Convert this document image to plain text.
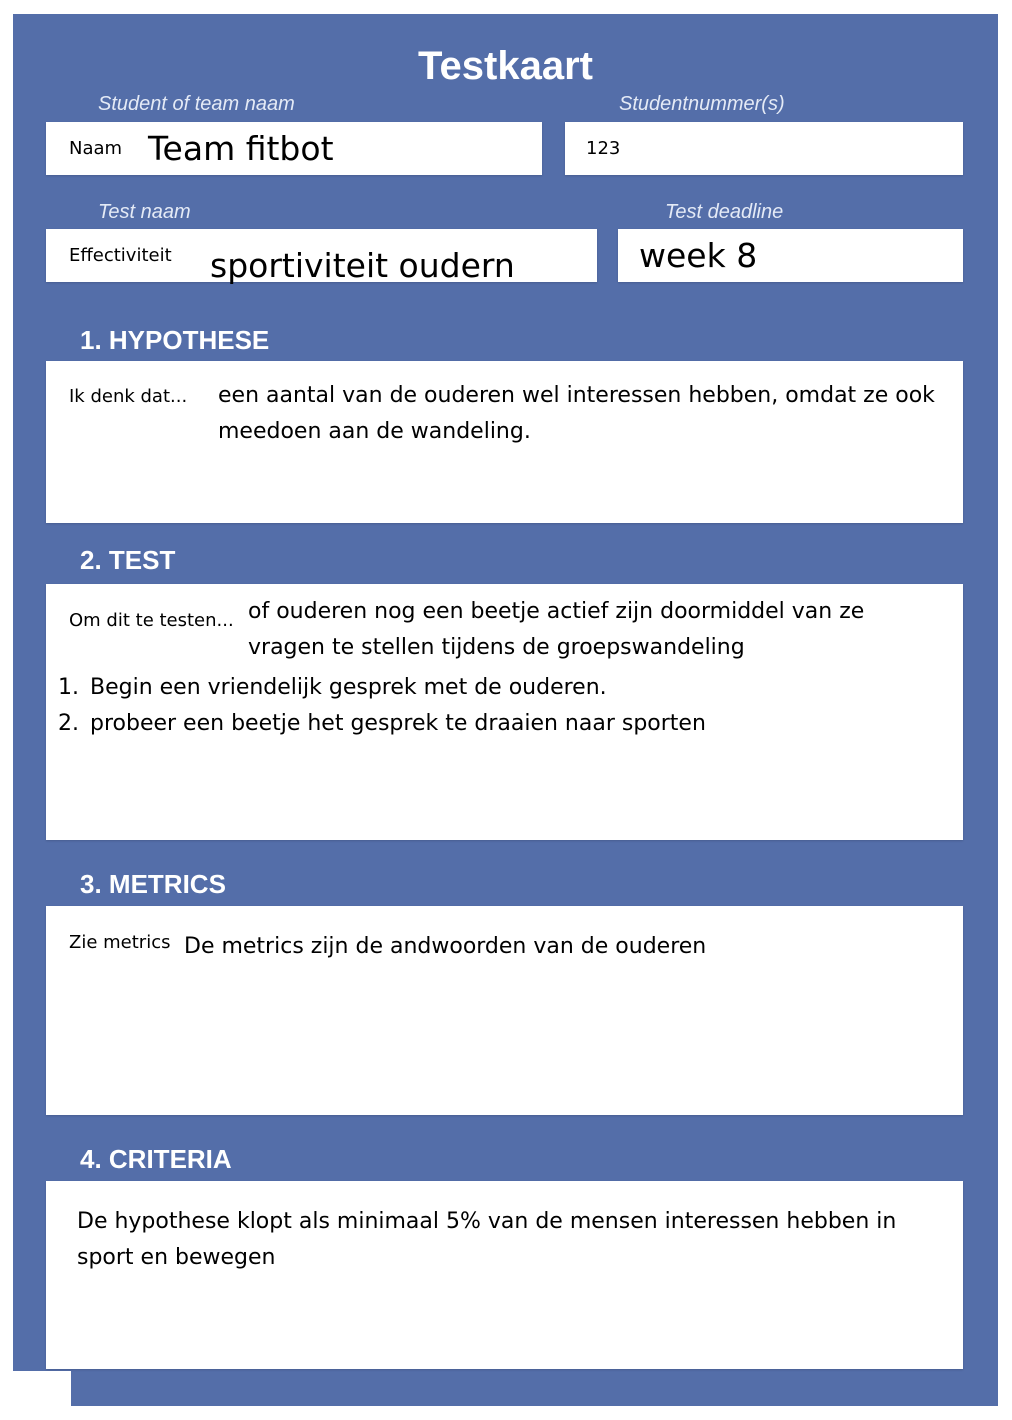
Testkaart

Student of team naam	Studentnummer(s)

Naam Team fitbot	123

Test naam	Test deadline

Effectiviteit sportiviteit oudern	week 8
1. HYPOTHESE
Ik denk dat... een aantal van de ouderen wel interessen hebben, omdat ze ook meedoen aan de wandeling.

2. TEST
Om dit te testen... of ouderen nog een beetje actief zijn doormiddel van ze vragen te stellen tijdens de groepswandeling

1. Begin een vriendelijk gesprek met de ouderen.
2. probeer een beetje het gesprek te draaien naar sporten
3. METRICS
Zie metrics De metrics zijn de andwoorden van de ouderen

4. CRITERIA

De hypothese klopt als minimaal 5% van de mensen interessen hebben in sport en bewegen
